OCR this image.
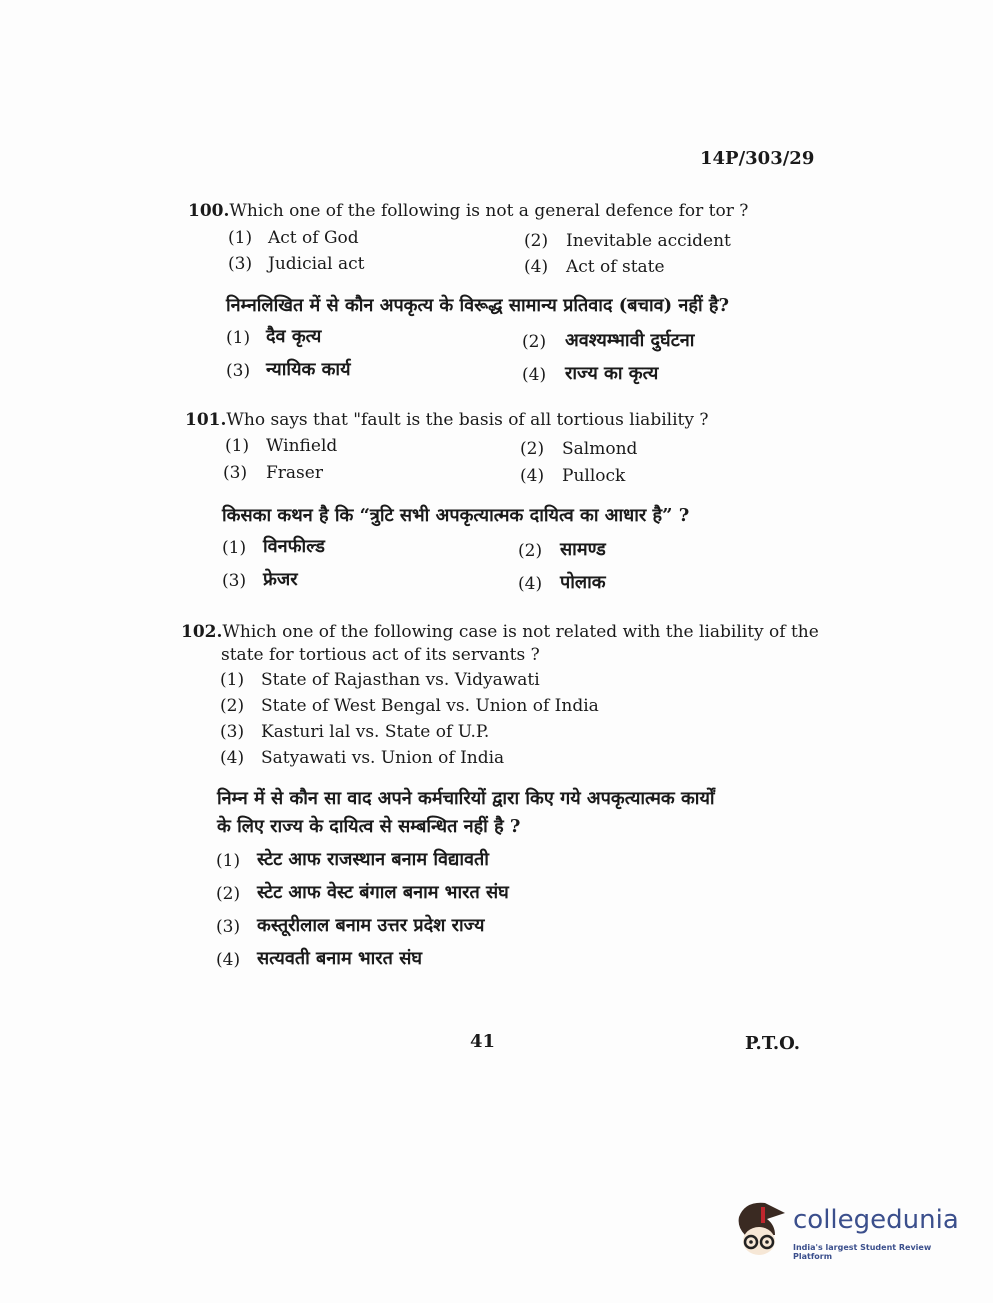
14P/303/29
100.Which one of the following is not a general defence for tor ?
(1) Act of God	(2) Inevitable accident
(3) Judicial act	(4) Act of state
निम्नलिखित में से कौन अपकृत्य के विरूद्ध सामान्य प्रतिवाद (बचाव) नहीं है?
(1) दैव कृत्य	(2) अवश्यम्भावी दुर्घटना
(3) न्यायिक कार्य	(4) राज्य का कृत्य
101.Who says that "fault is the basis of all tortious liability ?
(1) Winfield	(2) Salmond
(3) Fraser	(4) Pullock
किसका कथन है कि “त्रुटि सभी अपकृत्यात्मक दायित्व का आधार है” ?
(1) विनफील्ड	(2) सामण्ड
(3) फ्रेजर	(4) पोलाक
102.Which one of the following case is not related with the liability of the
state for tortious act of its servants ?
(1) State of Rajasthan vs. Vidyawati
(2) State of West Bengal vs. Union of India
(3) Kasturi lal vs. State of U.P.
(4) Satyawati vs. Union of India
निम्न में से कौन सा वाद अपने कर्मचारियों द्वारा किए गये अपकृत्यात्मक कार्यों
के लिए राज्य के दायित्व से सम्बन्धित नहीं है ?
(1) स्टेट आफ राजस्थान बनाम विद्यावती
(2) स्टेट आफ वेस्ट बंगाल बनाम भारत संघ
(3) कस्तूरीलाल बनाम उत्तर प्रदेश राज्य
(4) सत्यवती बनाम भारत संघ
41	P.T.O.
collegedunia
India's largest Student Review Platform
